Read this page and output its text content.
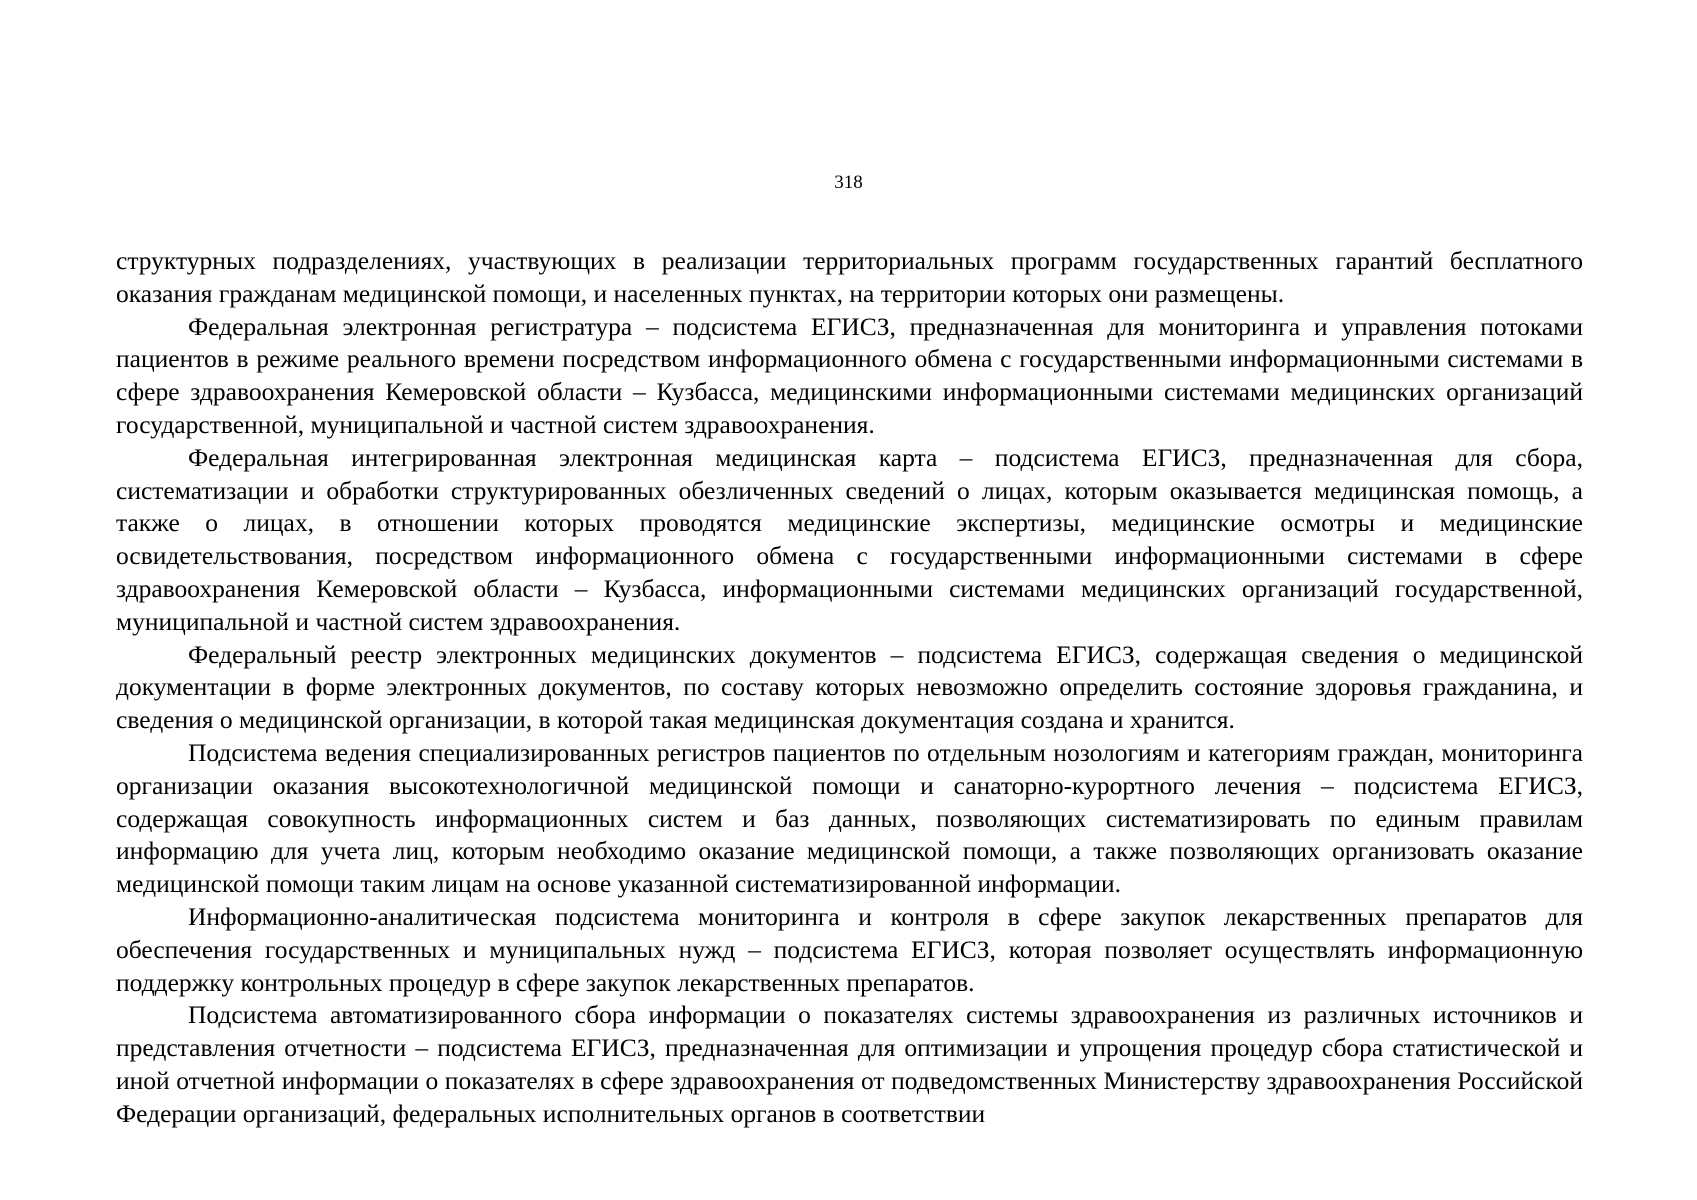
318

структурных подразделениях, участвующих в реализации территориальных программ государственных гарантий бесплатного оказания гражданам медицинской помощи, и населенных пунктах, на территории которых они размещены.

Федеральная электронная регистратура – подсистема ЕГИСЗ, предназначенная для мониторинга и управления потоками пациентов в режиме реального времени посредством информационного обмена с государственными информационными системами в сфере здравоохранения Кемеровской области – Кузбасса, медицинскими информационными системами медицинских организаций государственной, муниципальной и частной систем здравоохранения.

Федеральная интегрированная электронная медицинская карта – подсистема ЕГИСЗ, предназначенная для сбора, систематизации и обработки структурированных обезличенных сведений о лицах, которым оказывается медицинская помощь, а также о лицах, в отношении которых проводятся медицинские экспертизы, медицинские осмотры и медицинские освидетельствования, посредством информационного обмена с государственными информационными системами в сфере здравоохранения Кемеровской области – Кузбасса, информационными системами медицинских организаций государственной, муниципальной и частной систем здравоохранения.

Федеральный реестр электронных медицинских документов – подсистема ЕГИСЗ, содержащая сведения о медицинской документации в форме электронных документов, по составу которых невозможно определить состояние здоровья гражданина, и сведения о медицинской организации, в которой такая медицинская документация создана и хранится.

Подсистема ведения специализированных регистров пациентов по отдельным нозологиям и категориям граждан, мониторинга организации оказания высокотехнологичной медицинской помощи и санаторно-курортного лечения – подсистема ЕГИСЗ, содержащая совокупность информационных систем и баз данных, позволяющих систематизировать по единым правилам информацию для учета лиц, которым необходимо оказание медицинской помощи, а также позволяющих организовать оказание медицинской помощи таким лицам на основе указанной систематизированной информации.

Информационно-аналитическая подсистема мониторинга и контроля в сфере закупок лекарственных препаратов для обеспечения государственных и муниципальных нужд – подсистема ЕГИСЗ, которая позволяет осуществлять информационную поддержку контрольных процедур в сфере закупок лекарственных препаратов.

Подсистема автоматизированного сбора информации о показателях системы здравоохранения из различных источников и представления отчетности – подсистема ЕГИСЗ, предназначенная для оптимизации и упрощения процедур сбора статистической и иной отчетной информации о показателях в сфере здравоохранения от подведомственных Министерству здравоохранения Российской Федерации организаций, федеральных исполнительных органов в соответствии
